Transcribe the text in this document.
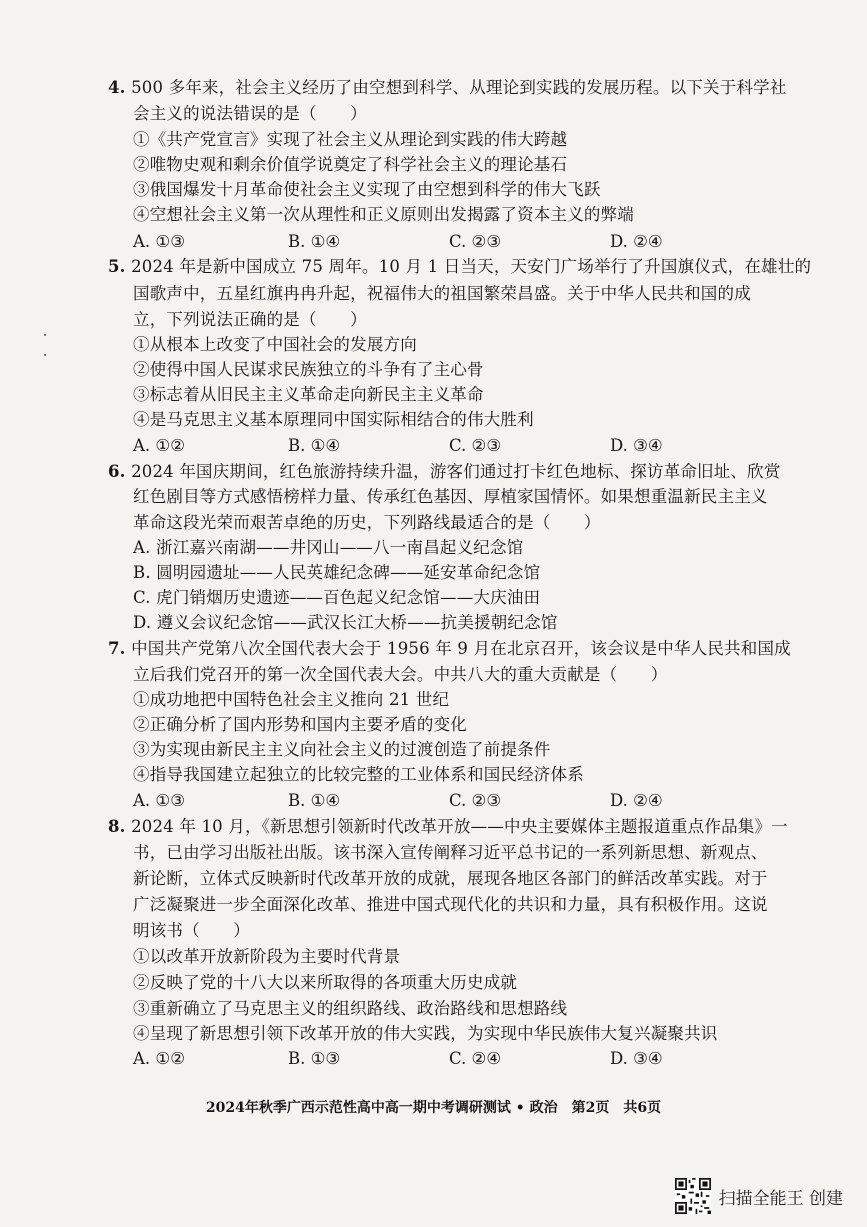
4. 500 多年来，社会主义经历了由空想到科学、从理论到实践的发展历程。以下关于科学社
会主义的说法错误的是（　　）
①《共产党宣言》实现了社会主义从理论到实践的伟大跨越
②唯物史观和剩余价值学说奠定了科学社会主义的理论基石
③俄国爆发十月革命使社会主义实现了由空想到科学的伟大飞跃
④空想社会主义第一次从理性和正义原则出发揭露了资本主义的弊端
A. ①③	B. ①④	C. ②③	D. ②④
5. 2024 年是新中国成立 75 周年。10 月 1 日当天，天安门广场举行了升国旗仪式，在雄壮的
国歌声中，五星红旗冉冉升起，祝福伟大的祖国繁荣昌盛。关于中华人民共和国的成
立，下列说法正确的是（　　）
①从根本上改变了中国社会的发展方向
②使得中国人民谋求民族独立的斗争有了主心骨
③标志着从旧民主主义革命走向新民主主义革命
④是马克思主义基本原理同中国实际相结合的伟大胜利
A. ①②	B. ①④	C. ②③	D. ③④
6. 2024 年国庆期间，红色旅游持续升温，游客们通过打卡红色地标、探访革命旧址、欣赏
红色剧目等方式感悟榜样力量、传承红色基因、厚植家国情怀。如果想重温新民主主义
革命这段光荣而艰苦卓绝的历史，下列路线最适合的是（　　）
A. 浙江嘉兴南湖——井冈山——八一南昌起义纪念馆
B. 圆明园遗址——人民英雄纪念碑——延安革命纪念馆
C. 虎门销烟历史遗迹——百色起义纪念馆——大庆油田
D. 遵义会议纪念馆——武汉长江大桥——抗美援朝纪念馆
7. 中国共产党第八次全国代表大会于 1956 年 9 月在北京召开，该会议是中华人民共和国成
立后我们党召开的第一次全国代表大会。中共八大的重大贡献是（　　）
①成功地把中国特色社会主义推向 21 世纪
②正确分析了国内形势和国内主要矛盾的变化
③为实现由新民主主义向社会主义的过渡创造了前提条件
④指导我国建立起独立的比较完整的工业体系和国民经济体系
A. ①③	B. ①④	C. ②③	D. ②④
8. 2024 年 10 月，《新思想引领新时代改革开放——中央主要媒体主题报道重点作品集》一
书，已由学习出版社出版。该书深入宣传阐释习近平总书记的一系列新思想、新观点、
新论断，立体式反映新时代改革开放的成就，展现各地区各部门的鲜活改革实践。对于
广泛凝聚进一步全面深化改革、推进中国式现代化的共识和力量，具有积极作用。这说
明该书（　　）
①以改革开放新阶段为主要时代背景
②反映了党的十八大以来所取得的各项重大历史成就
③重新确立了马克思主义的组织路线、政治路线和思想路线
④呈现了新思想引领下改革开放的伟大实践，为实现中华民族伟大复兴凝聚共识
A. ①②	B. ①③	C. ②④	D. ③④
2024年秋季广西示范性高中高一期中考调研测试 • 政治　第2页　共6页
扫描全能王 创建
